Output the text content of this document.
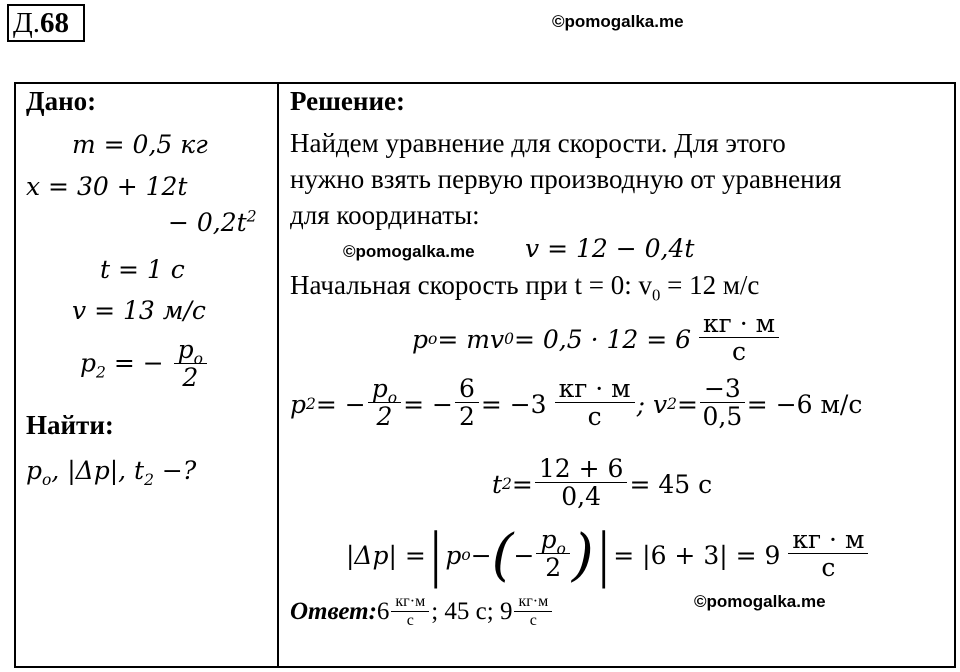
Д.68	©pomogalka.me
Дано:
m = 0,5 кг
x = 30 + 12t
− $0,2t^2$
t = 1 с
v = 13 м/с
$p_2$ = − $\frac{p_o}{2}$
Найти:
$p_o$, |Δp|, $t_2$ −?
Решение:
Найдем уравнение для скорости. Для этого
нужно взять первую производную от уравнения
для координаты:
©pomogalka.me v = 12 − 0,4t
Начальная скорость при t = 0: $v_0 = 12$ м/с
p o = mv $0 = 0,5 \cdot 12 = 6 \frac{кг \cdot м}{с}$
p 2 = − $\frac{p_o}{2}$ = − $\frac{6}{2} = -3 \frac{кг \cdot м}{с}$ ; v $2 = \frac{-3}{0,5} = -6$ м/с
t $2 = \frac{12 + 6}{0,4} = 45$ с
|Δp| = | p o − ( − $\frac{p_o}{2}$ ) | = $|6 + 3| = 9 \frac{кг \cdot м}{с}$
Ответ: $6 \frac{кг\cdot м}{с}$ ; 45 с; $9 \frac{кг\cdot м}{с}$	©pomogalka.me
